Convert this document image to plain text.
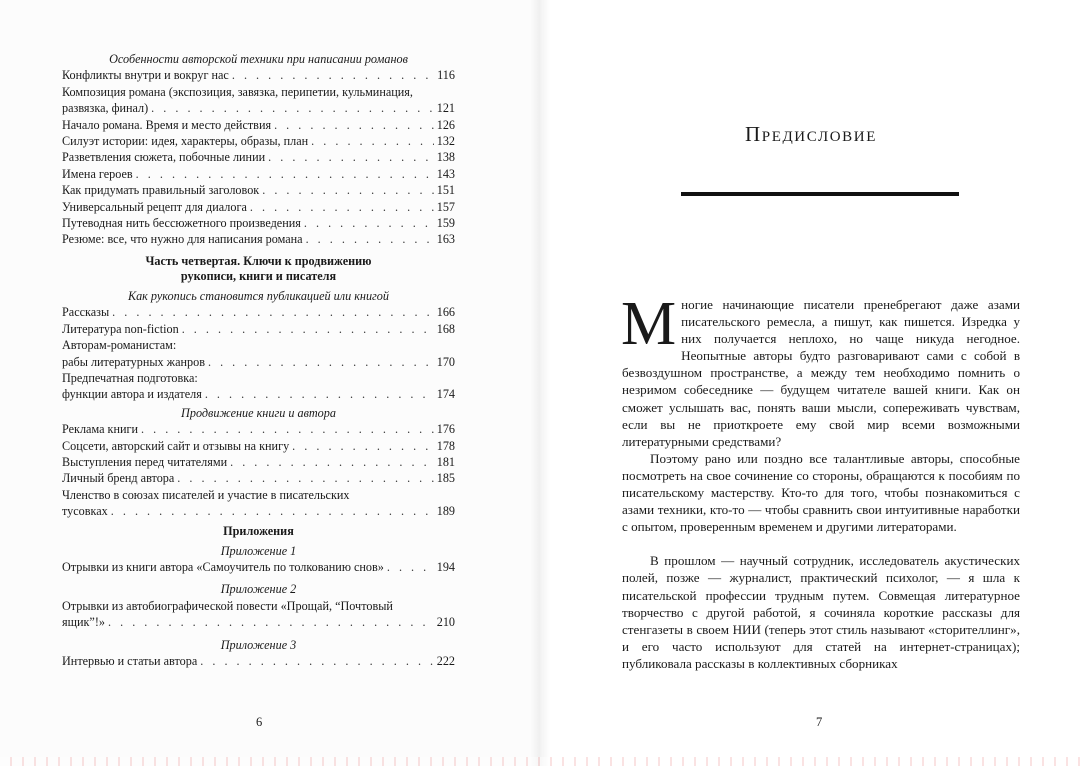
Особенности авторской техники при написании романов
Конфликты внутри и вокруг нас . . .	116
Композиция романа (экспозиция, завязка, перипетии, кульминация,
развязка, финал) . . .	121
Начало романа. Время и место действия . . .	126
Силуэт истории: идея, характеры, образы, план . . .	132
Разветвления сюжета, побочные линии . . .	138
Имена героев . . .	143
Как придумать правильный заголовок . . .	151
Универсальный рецепт для диалога . . .	157
Путеводная нить бессюжетного произведения . . .	159
Резюме: все, что нужно для написания романа . . .	163
Часть четвертая. Ключи к продвижению
рукописи, книги и писателя
Как рукопись становится публикацией или книгой
Рассказы . . .	166
Литература non-fiction . . .	168
Авторам-романистам:
рабы литературных жанров . . .	170
Предпечатная подготовка:
функции автора и издателя . . .	174
Продвижение книги и автора
Реклама книги . . .	176
Соцсети, авторский сайт и отзывы на книгу . . .	178
Выступления перед читателями . . .	181
Личный бренд автора . . .	185
Членство в союзах писателей и участие в писательских
тусовках . . .	189
Приложения
Приложение 1
Отрывки из книги автора «Самоучитель по толкованию снов» . . .	194
Приложение 2
Отрывки из автобиографической повести «Прощай, “Почтовый
ящик”!» . . .	210
Приложение 3
Интервью и статьи автора . . .	222
6
Предисловие

Многие начинающие писатели пренебрегают даже азами писательского ремесла, а пишут, как пишется. Изредка у них получается неплохо, но чаще никуда негодное. Неопытные авторы будто разговаривают сами с собой в безвоздушном пространстве, а между тем необходимо помнить о незримом собеседнике — будущем читателе вашей книги. Как он сможет услышать вас, понять ваши мысли, сопереживать чувствам, если вы не приоткроете ему свой мир всеми возможными литературными средствами?

Поэтому рано или поздно все талантливые авторы, способные посмотреть на свое сочинение со стороны, обращаются к пособиям по писательскому мастерству. Кто-то для того, чтобы познакомиться с азами техники, кто-то — чтобы сравнить свои интуитивные наработки с опытом, проверенным временем и другими литераторами.

В прошлом — научный сотрудник, исследователь акустических полей, позже — журналист, практический психолог, — я шла к писательской профессии трудным путем. Совмещая литературное творчество с другой работой, я сочиняла короткие рассказы для стенгазеты в своем НИИ (теперь этот стиль называют «сторителлинг», и его часто используют для статей на интернет-страницах); публиковала рассказы в коллективных сборниках

7
